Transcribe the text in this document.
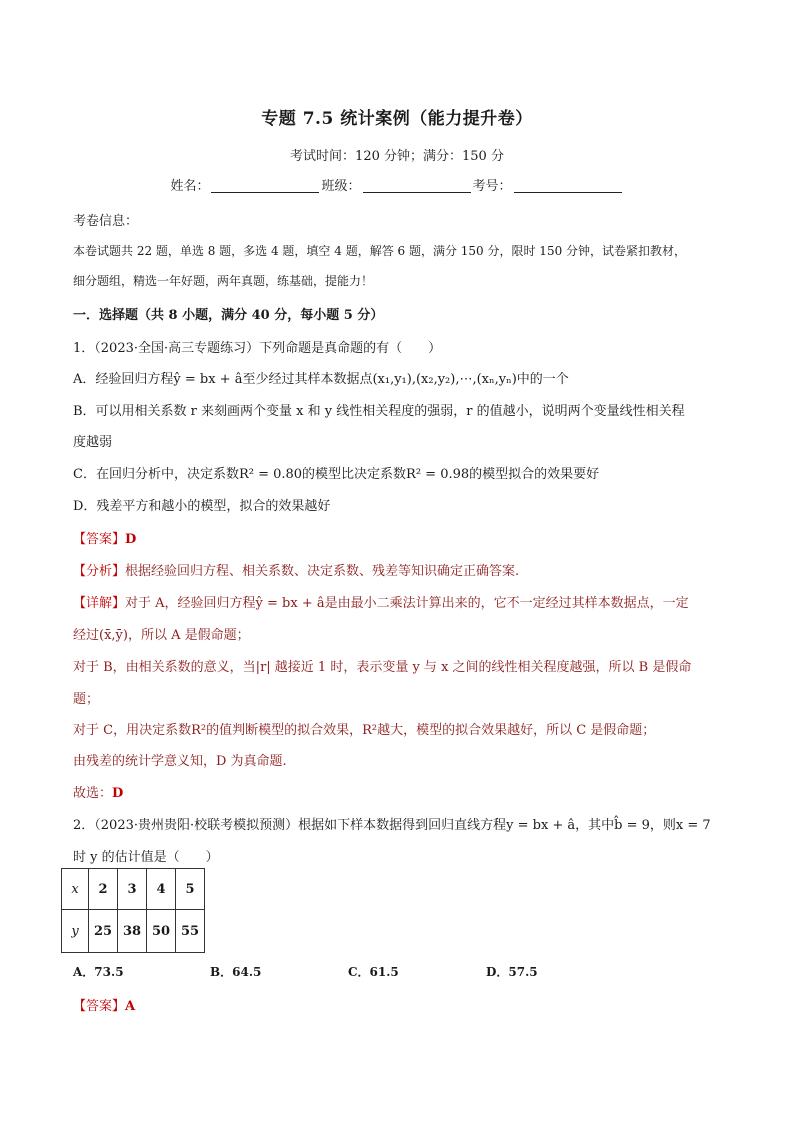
专题 7.5 统计案例（能力提升卷）
考试时间：120 分钟；满分：150 分
姓名：	班级：	考号：
考卷信息：
本卷试题共 22 题，单选 8 题，多选 4 题，填空 4 题，解答 6 题，满分 150 分，限时 150 分钟，试卷紧扣教材，
细分题组，精选一年好题，两年真题，练基础，提能力！
一．选择题（共 8 小题，满分 40 分，每小题 5 分）
1．（2023·全国·高三专题练习）下列命题是真命题的有（　　）
A．经验回归方程ŷ = bx + â至少经过其样本数据点(x₁,y₁),(x₂,y₂),⋯,(xₙ,yₙ)中的一个
B．可以用相关系数 r 来刻画两个变量 x 和 y 线性相关程度的强弱，r 的值越小，说明两个变量线性相关程
度越弱
C．在回归分析中，决定系数R² = 0.80的模型比决定系数R² = 0.98的模型拟合的效果要好
D．残差平方和越小的模型，拟合的效果越好
【答案】D
【分析】根据经验回归方程、相关系数、决定系数、残差等知识确定正确答案.
【详解】对于 A，经验回归方程ŷ = bx + â是由最小二乘法计算出来的，它不一定经过其样本数据点，一定
经过(x̄,ȳ)，所以 A 是假命题；
对于 B，由相关系数的意义，当|r| 越接近 1 时，表示变量 y 与 x 之间的线性相关程度越强，所以 B 是假命
题；
对于 C，用决定系数R²的值判断模型的拟合效果，R²越大，模型的拟合效果越好，所以 C 是假命题；
由残差的统计学意义知，D 为真命题.
故选：D
2．（2023·贵州贵阳·校联考模拟预测）根据如下样本数据得到回归直线方程y = bx + â，其中b̂ = 9，则x = 7
时 y 的估计值是（　　）
x	2	3	4	5
y	25	38	50	55
A．73.5	B．64.5	C．61.5	D．57.5
【答案】A
